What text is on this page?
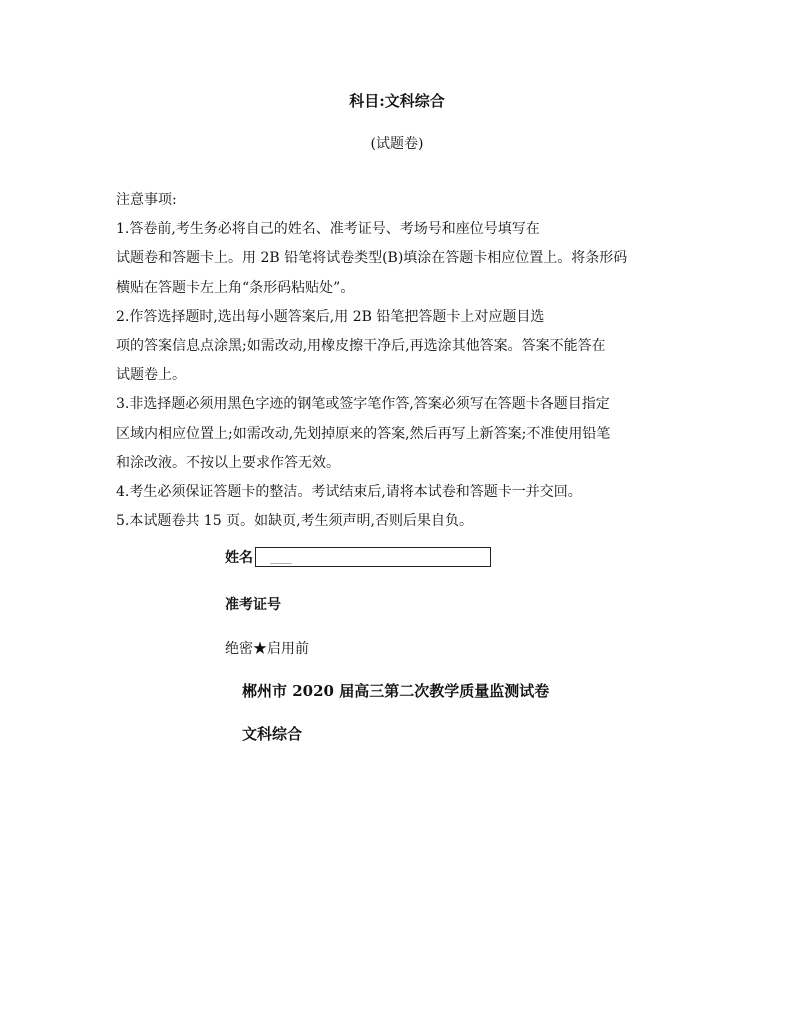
科目:文科综合
(试题卷)
注意事项:
1.答卷前,考生务必将自己的姓名、准考证号、考场号和座位号填写在
试题卷和答题卡上。用 2B 铅笔将试卷类型(B)填涂在答题卡相应位置上。将条形码
横贴在答题卡左上角“条形码粘贴处”。
2.作答选择题时,选出每小题答案后,用 2B 铅笔把答题卡上对应题目选
项的答案信息点涂黑;如需改动,用橡皮擦干净后,再选涂其他答案。答案不能答在
试题卷上。
3.非选择题必须用黑色字迹的钢笔或签字笔作答,答案必须写在答题卡各题目指定
区域内相应位置上;如需改动,先划掉原来的答案,然后再写上新答案;不准使用铅笔
和涂改液。不按以上要求作答无效。
4.考生必须保证答题卡的整洁。考试结束后,请将本试卷和答题卡一并交回。
5.本试题卷共 15 页。如缺页,考生须声明,否则后果自负。
姓名 ___
准考证号
绝密★启用前
郴州市 2020 届高三第二次教学质量监测试卷
文科综合
